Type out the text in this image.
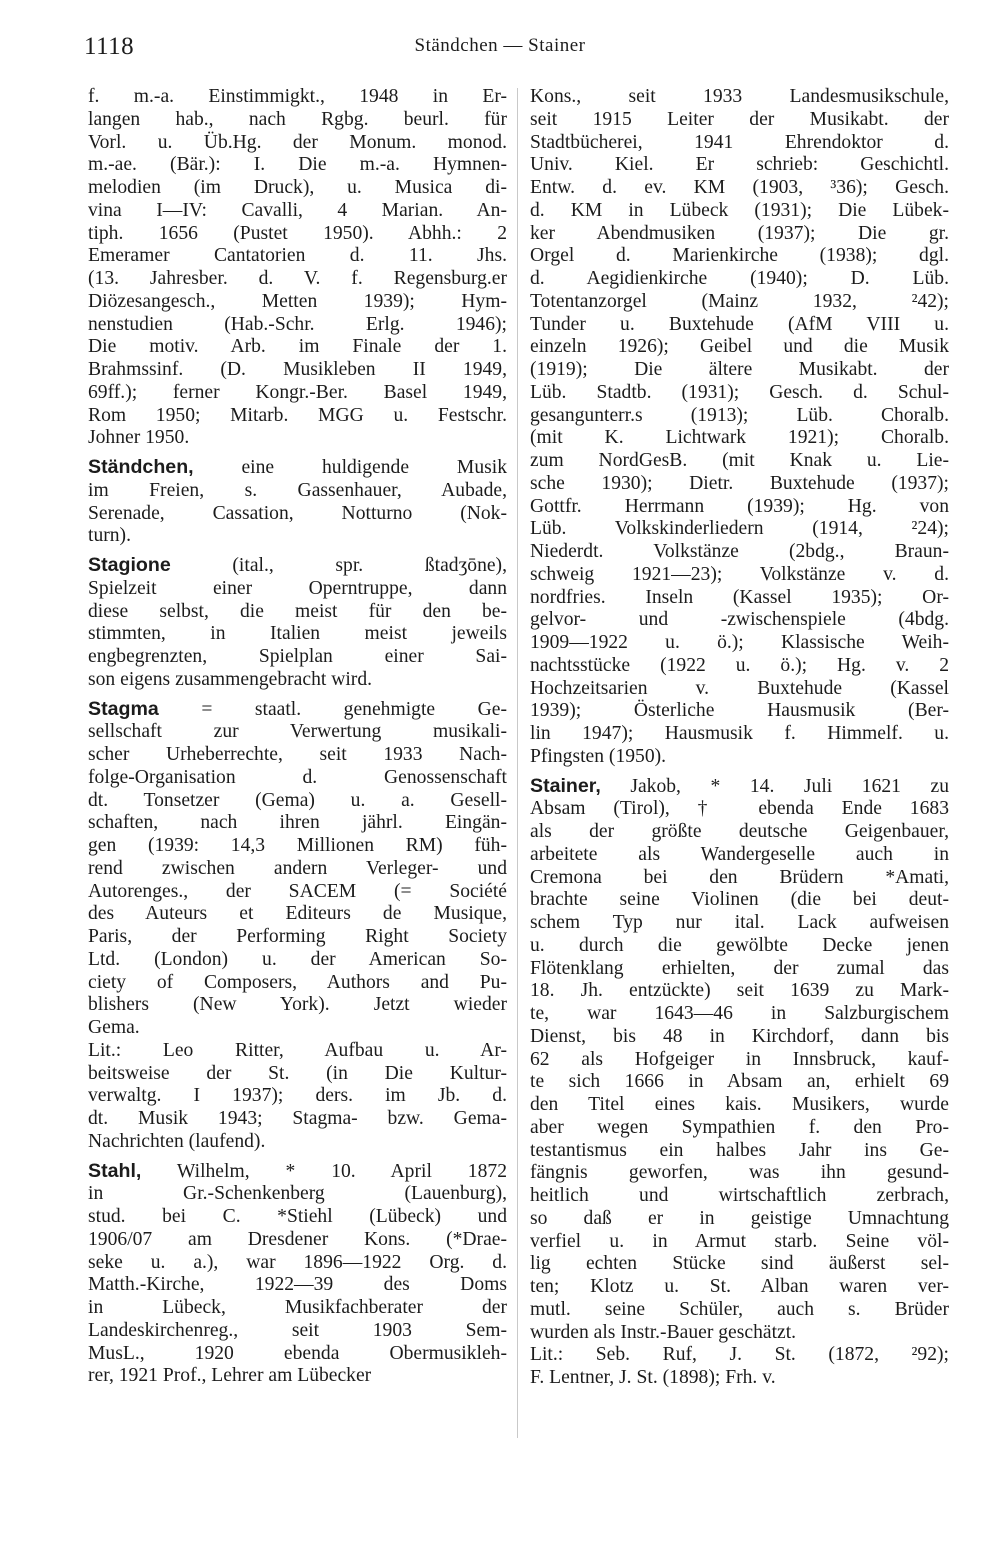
1118	Ständchen — Stainer
f. m.-a. Einstimmigkt., 1948 in Er-
langen hab., nach Rgbg. beurl. für
Vorl. u. Üb.Hg. der Monum. monod.
m.-ae. (Bär.): I. Die m.-a. Hymnen-
melodien (im Druck), u. Musica di-
vina I—IV: Cavalli, 4 Marian. An-
tiph. 1656 (Pustet 1950). Abhh.: 2
Emeramer Cantatorien d. 11. Jhs.
(13. Jahresber. d. V. f. Regensburg.er
Diözesangesch., Metten 1939); Hym-
nenstudien (Hab.-Schr. Erlg. 1946);
Die motiv. Arb. im Finale der 1.
Brahmssinf. (D. Musikleben II 1949,
69ff.); ferner Kongr.-Ber. Basel 1949,
Rom 1950; Mitarb. MGG u. Festschr.
Johner 1950.
Ständchen, eine huldigende Musik
im Freien, s. Gassenhauer, Aubade,
Serenade, Cassation, Notturno (Nok-
turn).
Stagione (ital., spr. ßtadʒōne),
Spielzeit einer Operntruppe, dann
diese selbst, die meist für den be-
stimmten, in Italien meist jeweils
engbegrenzten, Spielplan einer Sai-
son eigens zusammengebracht wird.
Stagma = staatl. genehmigte Ge-
sellschaft zur Verwertung musikali-
scher Urheberrechte, seit 1933 Nach-
folge-Organisation d. Genossenschaft
dt. Tonsetzer (Gema) u. a. Gesell-
schaften, nach ihren jährl. Eingän-
gen (1939: 14,3 Millionen RM) füh-
rend zwischen andern Verleger- und
Autorenges., der SACEM (= Société
des Auteurs et Editeurs de Musique,
Paris, der Performing Right Society
Ltd. (London) u. der American So-
ciety of Composers, Authors and Pu-
blishers (New York). Jetzt wieder
Gema.
Lit.: Leo Ritter, Aufbau u. Ar-
beitsweise der St. (in Die Kultur-
verwaltg. I 1937); ders. im Jb. d.
dt. Musik 1943; Stagma- bzw. Gema-
Nachrichten (laufend).
Stahl, Wilhelm, * 10. April 1872
in Gr.-Schenkenberg (Lauenburg),
stud. bei C. *Stiehl (Lübeck) und
1906/07 am Dresdener Kons. (*Drae-
seke u. a.), war 1896—1922 Org. d.
Matth.-Kirche, 1922—39 des Doms
in Lübeck, Musikfachberater der
Landeskirchenreg., seit 1903 Sem-
MusL., 1920 ebenda Obermusikleh-
rer, 1921 Prof., Lehrer am Lübecker
Kons., seit 1933 Landesmusikschule,
seit 1915 Leiter der Musikabt. der
Stadtbücherei, 1941 Ehrendoktor d.
Univ. Kiel. Er schrieb: Geschichtl.
Entw. d. ev. KM (1903, ³36); Gesch.
d. KM in Lübeck (1931); Die Lübek-
ker Abendmusiken (1937); Die gr.
Orgel d. Marienkirche (1938); dgl.
d. Aegidienkirche (1940); D. Lüb.
Totentanzorgel (Mainz 1932, ²42);
Tunder u. Buxtehude (AfM VIII u.
einzeln 1926); Geibel und die Musik
(1919); Die ältere Musikabt. der
Lüb. Stadtb. (1931); Gesch. d. Schul-
gesangunterr.s (1913); Lüb. Choralb.
(mit K. Lichtwark 1921); Choralb.
zum NordGesB. (mit Knak u. Lie-
sche 1930); Dietr. Buxtehude (1937);
Gottfr. Herrmann (1939); Hg. von
Lüb. Volkskinderliedern (1914, ²24);
Niederdt. Volkstänze (2bdg., Braun-
schweig 1921—23); Volkstänze v. d.
nordfries. Inseln (Kassel 1935); Or-
gelvor- und -zwischenspiele (4bdg.
1909—1922 u. ö.); Klassische Weih-
nachtsstücke (1922 u. ö.); Hg. v. 2
Hochzeitsarien v. Buxtehude (Kassel
1939); Österliche Hausmusik (Ber-
lin 1947); Hausmusik f. Himmelf. u.
Pfingsten (1950).
Stainer, Jakob, * 14. Juli 1621 zu
Absam (Tirol), † ebenda Ende 1683
als der größte deutsche Geigenbauer,
arbeitete als Wandergeselle auch in
Cremona bei den Brüdern *Amati,
brachte seine Violinen (die bei deut-
schem Typ nur ital. Lack aufweisen
u. durch die gewölbte Decke jenen
Flötenklang erhielten, der zumal das
18. Jh. entzückte) seit 1639 zu Mark-
te, war 1643—46 in Salzburgischem
Dienst, bis 48 in Kirchdorf, dann bis
62 als Hofgeiger in Innsbruck, kauf-
te sich 1666 in Absam an, erhielt 69
den Titel eines kais. Musikers, wurde
aber wegen Sympathien f. den Pro-
testantismus ein halbes Jahr ins Ge-
fängnis geworfen, was ihn gesund-
heitlich und wirtschaftlich zerbrach,
so daß er in geistige Umnachtung
verfiel u. in Armut starb. Seine völ-
lig echten Stücke sind äußerst sel-
ten; Klotz u. St. Alban waren ver-
mutl. seine Schüler, auch s. Brüder
wurden als Instr.-Bauer geschätzt.
Lit.: Seb. Ruf, J. St. (1872, ²92);
F. Lentner, J. St. (1898); Frh. v.
